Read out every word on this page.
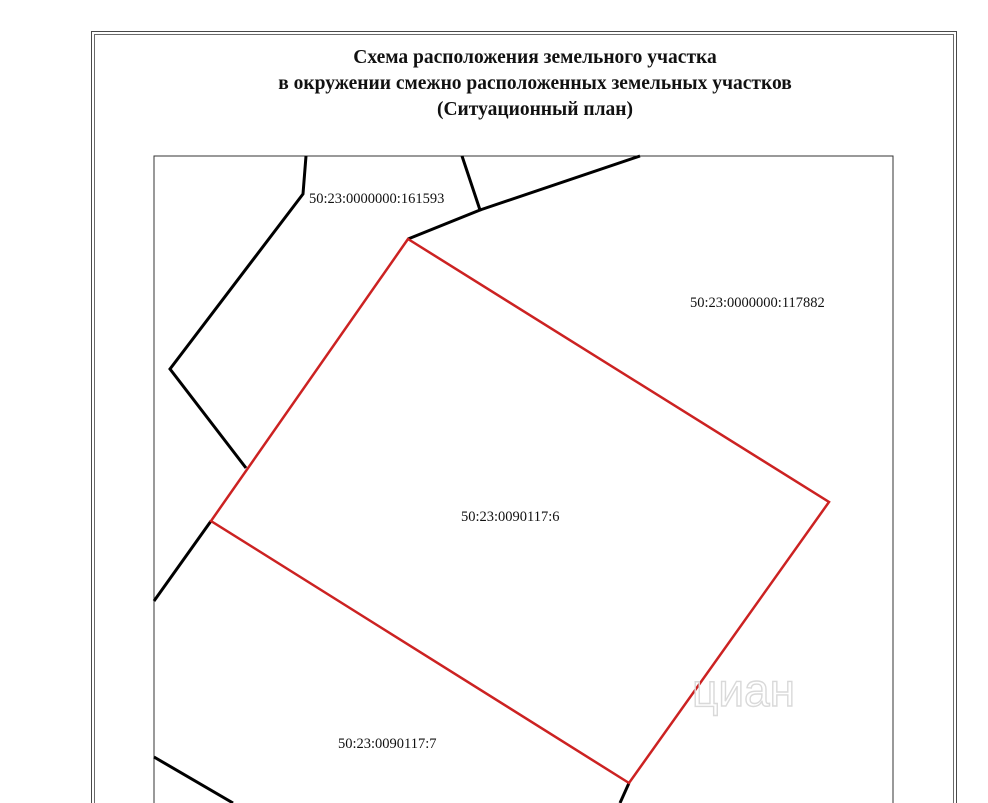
Схема расположения земельного участка
в окружении смежно расположенных земельных участков
(Ситуационный план)
циан
50:23:0000000:161593
50:23:0000000:117882
50:23:0090117:6
50:23:0090117:7
